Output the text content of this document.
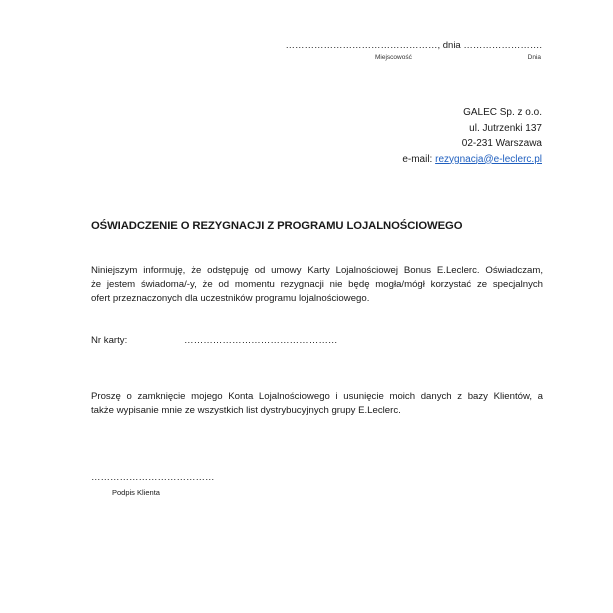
…………………………………………, dnia …………………….
Miejscowość	Dnia
GALEC Sp. z o.o.
ul. Jutrzenki 137
02-231 Warszawa
e-mail: rezygnacja@e-leclerc.pl
OŚWIADCZENIE O REZYGNACJI Z PROGRAMU LOJALNOŚCIOWEGO
Niniejszym informuję, że odstępuję od umowy Karty Lojalnościowej Bonus E.Leclerc. Oświadczam,
że jestem świadoma/-y, że od momentu rezygnacji nie będę mogła/mógł korzystać ze specjalnych
ofert przeznaczonych dla uczestników programu lojalnościowego.
Nr karty:	…………………………………………
Proszę o zamknięcie mojego Konta Lojalnościowego i usunięcie moich danych z bazy Klientów, a
także wypisanie mnie ze wszystkich list dystrybucyjnych grupy E.Leclerc.
…………………………………
Podpis Klienta
